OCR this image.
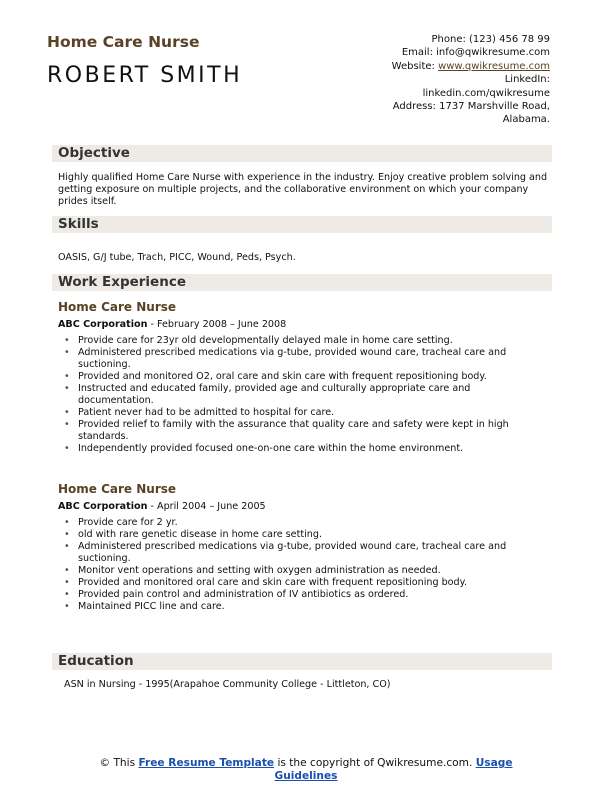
Home Care Nurse
ROBERT SMITH
Phone: (123) 456 78 99
Email: info@qwikresume.com
Website: www.qwikresume.com
LinkedIn:
linkedin.com/qwikresume
Address: 1737 Marshville Road,
Alabama.
Objective
Highly qualified Home Care Nurse with experience in the industry. Enjoy creative problem solving and getting exposure on multiple projects, and the collaborative environment on which your company prides itself.
Skills
OASIS, G/J tube, Trach, PICC, Wound, Peds, Psych.
Work Experience
Home Care Nurse
ABC Corporation - February 2008 – June 2008
• Provide care for 23yr old developmentally delayed male in home care setting.
• Administered prescribed medications via g-tube, provided wound care, tracheal care and suctioning.
• Provided and monitored O2, oral care and skin care with frequent repositioning body.
• Instructed and educated family, provided age and culturally appropriate care and documentation.
• Patient never had to be admitted to hospital for care.
• Provided relief to family with the assurance that quality care and safety were kept in high standards.
• Independently provided focused one-on-one care within the home environment.
Home Care Nurse
ABC Corporation - April 2004 – June 2005
• Provide care for 2 yr.
• old with rare genetic disease in home care setting.
• Administered prescribed medications via g-tube, provided wound care, tracheal care and suctioning.
• Monitor vent operations and setting with oxygen administration as needed.
• Provided and monitored oral care and skin care with frequent repositioning body.
• Provided pain control and administration of IV antibiotics as ordered.
• Maintained PICC line and care.
Education
ASN in Nursing - 1995(Arapahoe Community College - Littleton, CO)
© This Free Resume Template is the copyright of Qwikresume.com. Usage
Guidelines
